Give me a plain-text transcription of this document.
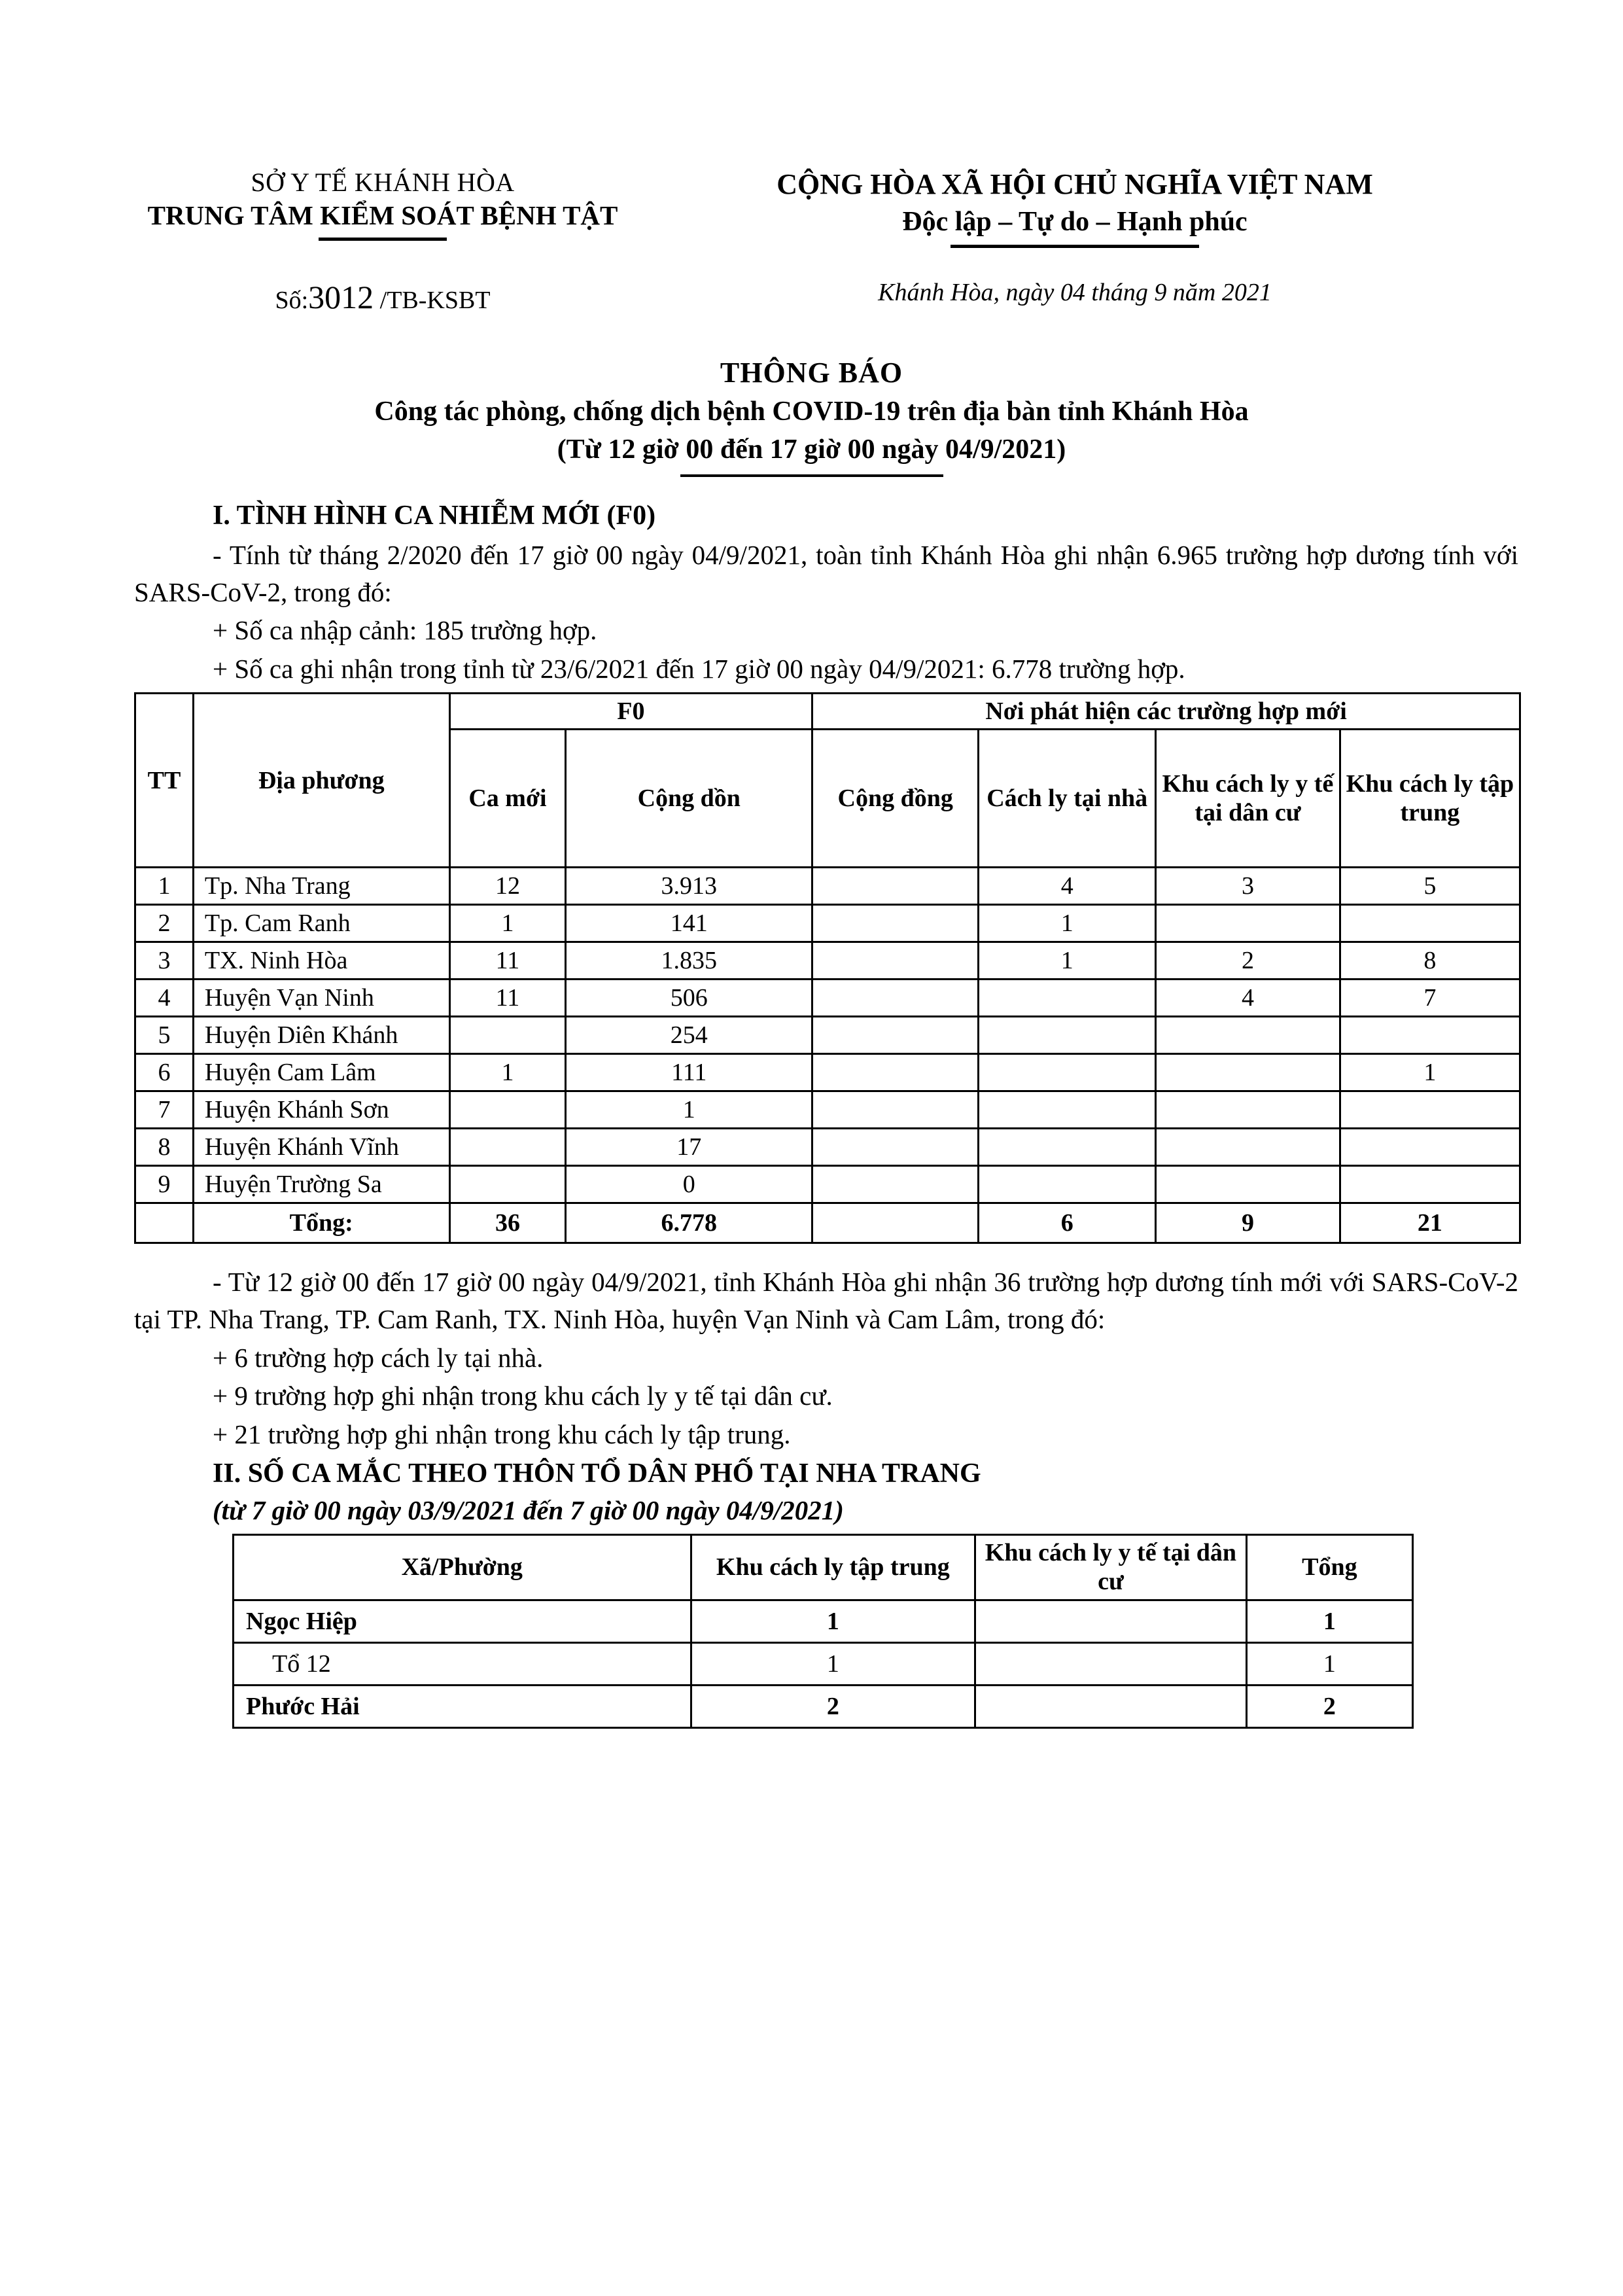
SỞ Y TẾ KHÁNH HÒA
TRUNG TÂM KIỂM SOÁT BỆNH TẬT
CỘNG HÒA XÃ HỘI CHỦ NGHĨA VIỆT NAM
Độc lập – Tự do – Hạnh phúc
Số:3012 /TB-KSBT	Khánh Hòa, ngày 04 tháng 9 năm 2021
THÔNG BÁO
Công tác phòng, chống dịch bệnh COVID-19 trên địa bàn tỉnh Khánh Hòa
(Từ 12 giờ 00 đến 17 giờ 00 ngày 04/9/2021)
I. TÌNH HÌNH CA NHIỄM MỚI (F0)
- Tính từ tháng 2/2020 đến 17 giờ 00 ngày 04/9/2021, toàn tỉnh Khánh Hòa ghi nhận 6.965 trường hợp dương tính với SARS-CoV-2, trong đó:
+ Số ca nhập cảnh: 185 trường hợp.
+ Số ca ghi nhận trong tỉnh từ 23/6/2021 đến 17 giờ 00 ngày 04/9/2021: 6.778 trường hợp.
TT	Địa phương	F0		Nơi phát hiện các trường hợp mới			
		Ca mới	Cộng dồn	Cộng đồng	Cách ly tại nhà	Khu cách ly y tế tại dân cư	Khu cách ly tập trung
1	Tp. Nha Trang	12	3.913		4	3	5
2	Tp. Cam Ranh	1	141		1		
3	TX. Ninh Hòa	11	1.835		1	2	8
4	Huyện Vạn Ninh	11	506			4	7
5	Huyện Diên Khánh		254				
6	Huyện Cam Lâm	1	111				1
7	Huyện Khánh Sơn		1				
8	Huyện Khánh Vĩnh		17				
9	Huyện Trường Sa		0				
	Tổng:	36	6.778		6	9	21
- Từ 12 giờ 00 đến 17 giờ 00 ngày 04/9/2021, tỉnh Khánh Hòa ghi nhận 36 trường hợp dương tính mới với SARS-CoV-2 tại TP. Nha Trang, TP. Cam Ranh, TX. Ninh Hòa, huyện Vạn Ninh và Cam Lâm, trong đó:
+ 6 trường hợp cách ly tại nhà.
+ 9 trường hợp ghi nhận trong khu cách ly y tế tại dân cư.
+ 21 trường hợp ghi nhận trong khu cách ly tập trung.
II. SỐ CA MẮC THEO THÔN TỔ DÂN PHỐ TẠI NHA TRANG
(từ 7 giờ 00 ngày 03/9/2021 đến 7 giờ 00 ngày 04/9/2021)
Xã/Phường	Khu cách ly tập trung	Khu cách ly y tế tại dân cư	Tổng
Ngọc Hiệp	1		1
Tổ 12	1		1
Phước Hải	2		2
